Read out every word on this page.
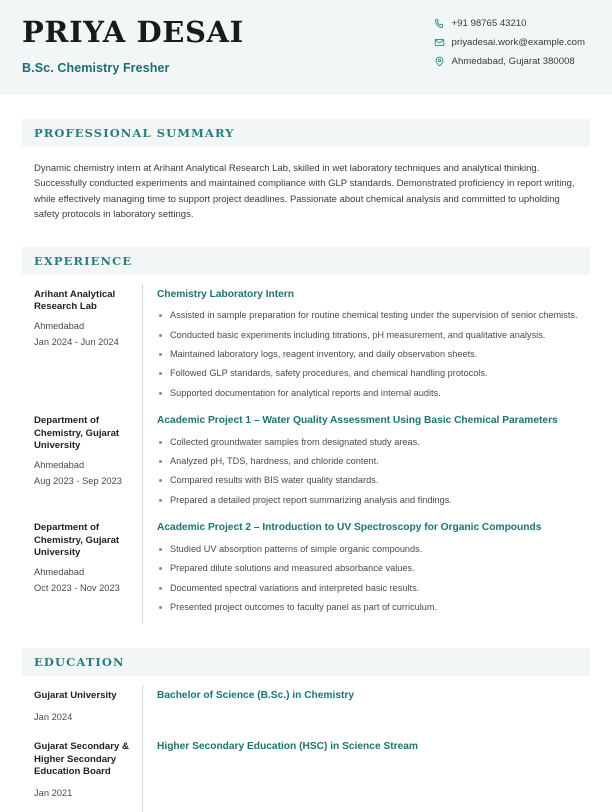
PRIYA DESAI
B.Sc. Chemistry Fresher
+91 98765 43210
priyadesai.work@example.com
Ahmedabad, Gujarat 380008
PROFESSIONAL SUMMARY
Dynamic chemistry intern at Arihant Analytical Research Lab, skilled in wet laboratory techniques and analytical thinking. Successfully conducted experiments and maintained compliance with GLP standards. Demonstrated proficiency in report writing, while effectively managing time to support project deadlines. Passionate about chemical analysis and committed to upholding safety protocols in laboratory settings.
EXPERIENCE
Arihant Analytical Research Lab
Ahmedabad
Jan 2024 - Jun 2024
Chemistry Laboratory Intern
Assisted in sample preparation for routine chemical testing under the supervision of senior chemists.
Conducted basic experiments including titrations, pH measurement, and qualitative analysis.
Maintained laboratory logs, reagent inventory, and daily observation sheets.
Followed GLP standards, safety procedures, and chemical handling protocols.
Supported documentation for analytical reports and internal audits.
Department of Chemistry, Gujarat University
Ahmedabad
Aug 2023 - Sep 2023
Academic Project 1 – Water Quality Assessment Using Basic Chemical Parameters
Collected groundwater samples from designated study areas.
Analyzed pH, TDS, hardness, and chloride content.
Compared results with BIS water quality standards.
Prepared a detailed project report summarizing analysis and findings.
Department of Chemistry, Gujarat University
Ahmedabad
Oct 2023 - Nov 2023
Academic Project 2 – Introduction to UV Spectroscopy for Organic Compounds
Studied UV absorption patterns of simple organic compounds.
Prepared dilute solutions and measured absorbance values.
Documented spectral variations and interpreted basic results.
Presented project outcomes to faculty panel as part of curriculum.
EDUCATION
Gujarat University
Jan 2024
Bachelor of Science (B.Sc.) in Chemistry
Gujarat Secondary & Higher Secondary Education Board
Jan 2021
Higher Secondary Education (HSC) in Science Stream
